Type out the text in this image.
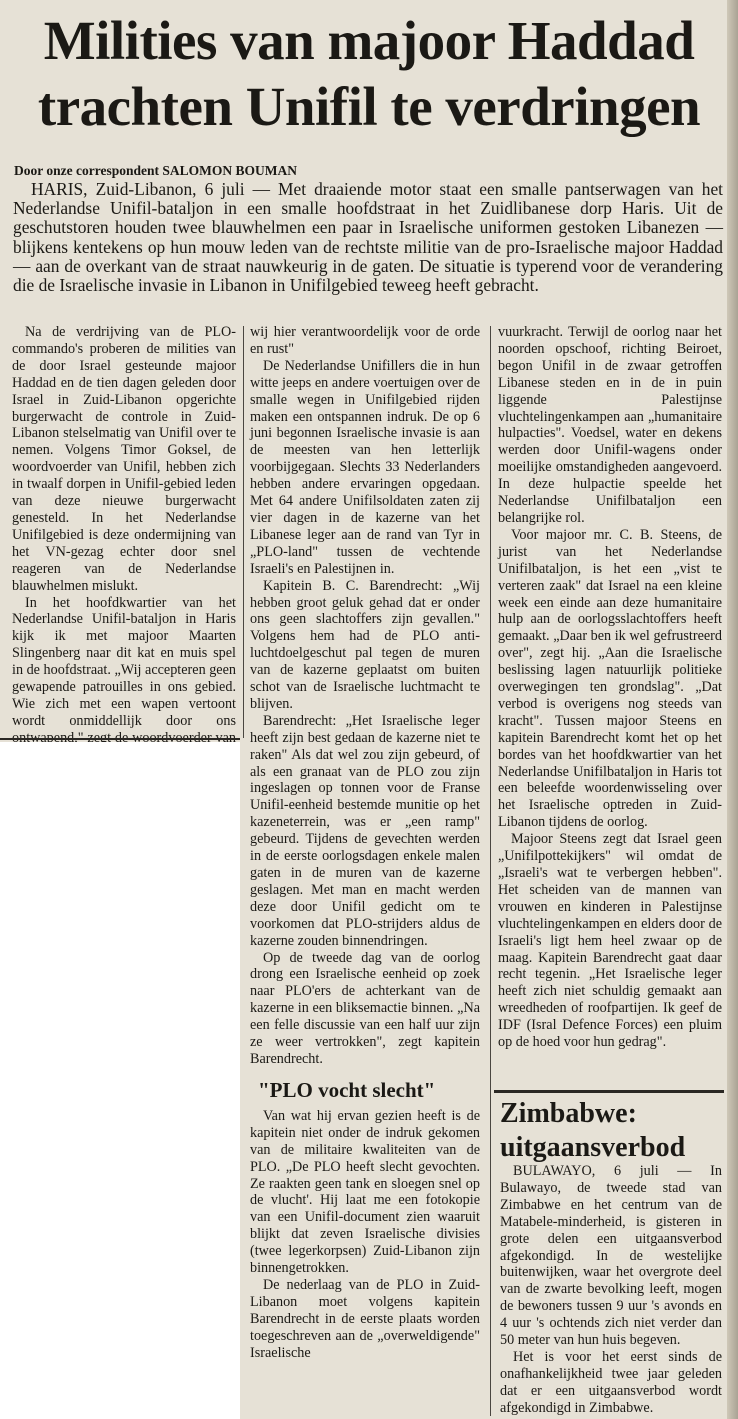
Milities van majoor Haddad
trachten Unifil te verdringen

Door onze correspondent SALOMON BOUMAN

HARIS, Zuid-Libanon, 6 juli — Met draaiende motor staat een smalle pantserwagen van het Nederlandse Unifil-bataljon in een smalle hoofdstraat in het Zuidlibanese dorp Haris. Uit de geschutstoren houden twee blauwhelmen een paar in Israelische uniformen gestoken Libanezen — blijkens kentekens op hun mouw leden van de rechtste militie van de pro-Israelische majoor Haddad — aan de overkant van de straat nauwkeurig in de gaten. De situatie is typerend voor de verandering die de Israelische invasie in Libanon in Unifilgebied teweeg heeft gebracht.

Na de verdrijving van de PLO-commando's proberen de milities van de door Israel gesteunde majoor Haddad en de tien dagen geleden door Israel in Zuid-Libanon opgerichte burgerwacht de controle in Zuid-Libanon stelselmatig van Unifil over te nemen. Volgens Timor Goksel, de woordvoerder van Unifil, hebben zich in twaalf dorpen in Unifil-gebied leden van deze nieuwe burgerwacht genesteld. In het Nederlandse Unifilgebied is deze ondermijning van het VN-gezag echter door snel reageren van de Nederlandse blauwhelmen mislukt.

In het hoofdkwartier van het Nederlandse Unifil-bataljon in Haris kijk ik met majoor Maarten Slingenberg naar dit kat en muis spel in de hoofdstraat. „Wij accepteren geen gewapende patrouilles in ons gebied. Wie zich met een wapen vertoont wordt onmiddellijk door ons

wij hier verantwoordelijk voor de orde en rust"

De Nederlandse Unifillers die in hun witte jeeps en andere voertuigen over de smalle wegen in Unifilgebied rijden maken een ontspannen indruk. De op 6 juni begonnen Israelische invasie is aan de meesten van hen letterlijk voorbijgegaan. Slechts 33 Nederlanders hebben andere ervaringen opgedaan. Met 64 andere Unifilsoldaten zaten zij vier dagen in de kazerne van het Libanese leger aan de rand van Tyr in „PLO-land" tussen de vechtende Israeli's en Palestijnen in.

Kapitein B. C. Barendrecht: „Wij hebben groot geluk gehad dat er onder ons geen slachtoffers zijn gevallen." Volgens hem had de PLO anti-luchtdoelgeschut pal tegen de muren van de kazerne geplaatst om buiten schot van de Israelische luchtmacht te blijven.

Barendrecht: „Het Israelische leger heeft zijn best gedaan de kazerne niet te raken" Als dat wel zou zijn gebeurd, of als een granaat van de PLO zou zijn ingeslagen op tonnen voor de Franse Unifil-eenheid bestemde munitie op het kazeneterrein, was er „een ramp" gebeurd. Tijdens de gevechten werden in de eerste oorlogsdagen enkele malen gaten in de muren van de kazerne geslagen. Met man en macht werden deze door Unifil gedicht om te voorkomen dat PLO-strijders aldus de kazerne zouden binnendringen.

Op de tweede dag van de oorlog drong een Israelische eenheid op zoek naar PLO'ers de achterkant van de kazerne in een bliksemactie binnen. „Na een felle discussie van een half uur zijn ze weer vertrokken", zegt kapitein Barendrecht.

"PLO vocht slecht"

Van wat hij ervan gezien heeft is de kapitein niet onder de indruk gekomen van de militaire kwaliteiten van de PLO. „De PLO heeft slecht gevochten. Ze raakten geen tank en sloegen snel op de vlucht'. Hij laat me een fotokopie van een Unifil-document zien waaruit blijkt dat zeven Israelische divisies (twee legerkorpsen) Zuid-Libanon zijn binnengetrokken.

De nederlaag van de PLO in Zuid-Libanon moet volgens kapitein Barendrecht in de eerste plaats worden toegeschreven aan de „overweldigende" Israelische

vuurkracht. Terwijl de oorlog naar het noorden opschoof, richting Beiroet, begon Unifil in de zwaar getroffen Libanese steden en in de in puin liggende Palestijnse vluchtelingenkampen aan „humanitaire hulpacties". Voedsel, water en dekens werden door Unifil-wagens onder moeilijke omstandigheden aangevoerd. In deze hulpactie speelde het Nederlandse Unifilbataljon een belangrijke rol.

Voor majoor mr. C. B. Steens, de jurist van het Nederlandse Unifilbataljon, is het een „vist te verteren zaak" dat Israel na een kleine week een einde aan deze humanitaire hulp aan de oorlogsslachtoffers heeft gemaakt. „Daar ben ik wel gefrustreerd over", zegt hij. „Aan die Israelische beslissing lagen natuurlijk politieke overwegingen ten grondslag". „Dat verbod is overigens nog steeds van kracht". Tussen majoor Steens en kapitein Barendrecht komt het op het bordes van het hoofdkwartier van het Nederlandse Unifilbataljon in Haris tot een beleefde woordenwisseling over het Israelische optreden in Zuid-Libanon tijdens de oorlog.

Majoor Steens zegt dat Israel geen „Unifilpottekijkers" wil omdat de „Israeli's wat te verbergen hebben". Het scheiden van de mannen van vrouwen en kinderen in Palestijnse vluchtelingenkampen en elders door de Israeli's ligt hem heel zwaar op de maag. Kapitein Barendrecht gaat daar recht tegenin. „Het Israelische leger heeft zich niet schuldig gemaakt aan wreedheden of roofpartijen. Ik geef de IDF (Isral Defence Forces) een pluim op de hoed voor hun gedrag".

Zimbabwe:
uitgaansverbod

BULAWAYO, 6 juli — In Bulawayo, de tweede stad van Zimbabwe en het centrum van de Matabele-minderheid, is gisteren in grote delen een uitgaansverbod afgekondigd. In de westelijke buitenwijken, waar het overgrote deel van de zwarte bevolking leeft, mogen de bewoners tussen 9 uur 's avonds en 4 uur 's ochtends zich niet verder dan 50 meter van hun huis begeven.

Het is voor het eerst sinds de onafhankelijkheid twee jaar geleden dat er een uitgaansverbod wordt afgekondigd in Zimbabwe.
